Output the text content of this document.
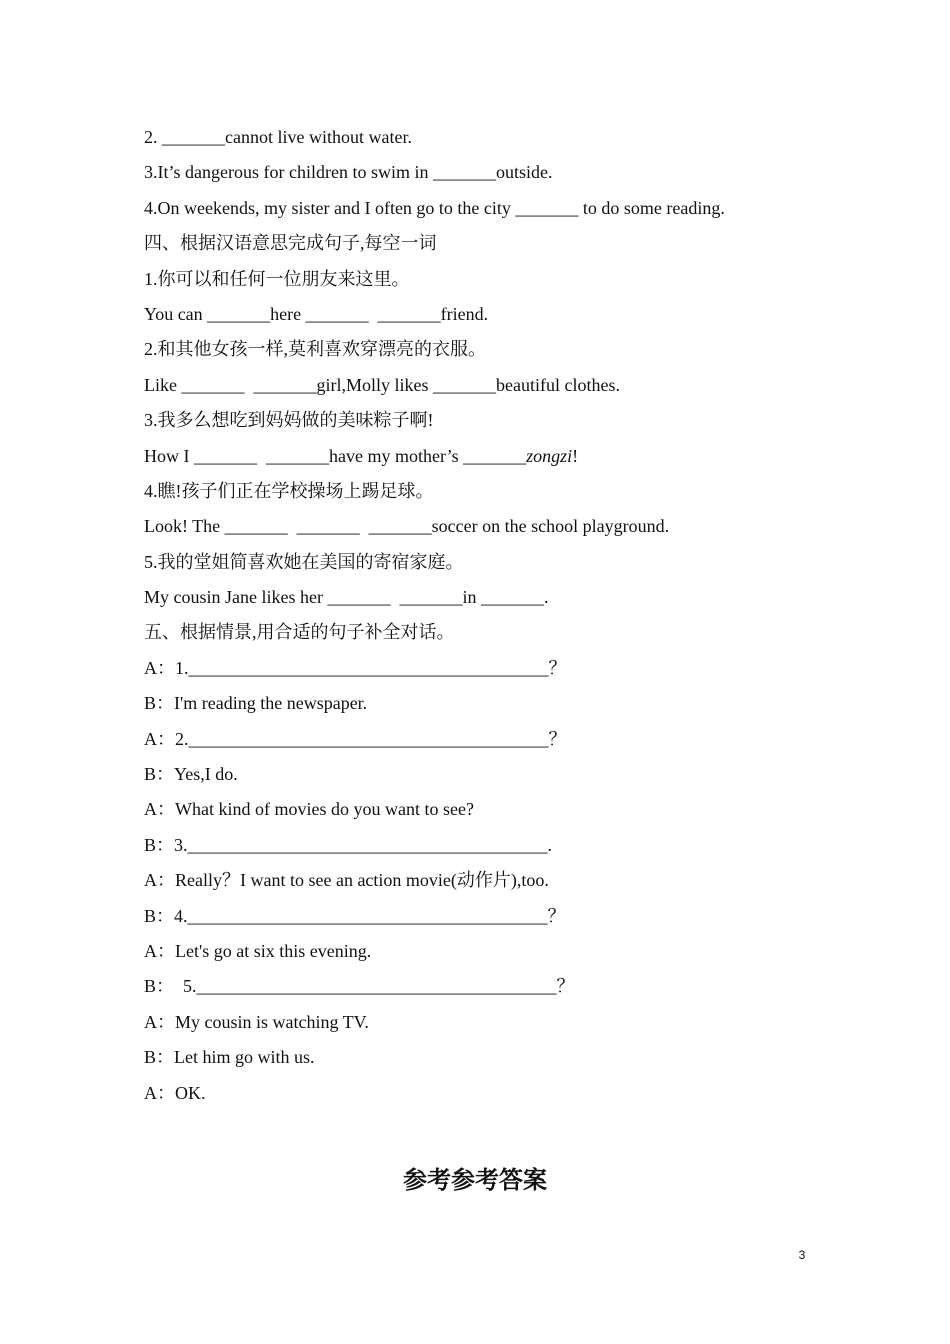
2. _______cannot live without water.
3.It’s dangerous for children to swim in _______outside.
4.On weekends, my sister and I often go to the city _______ to do some reading.
四、根据汉语意思完成句子,每空一词
1.你可以和任何一位朋友来这里。
You can _______here _______  _______friend.
2.和其他女孩一样,莫利喜欢穿漂亮的衣服。
Like _______  _______girl,Molly likes _______beautiful clothes.
3.我多么想吃到妈妈做的美味粽子啊!
How I _______  _______have my mother’s _______zongzi!
4.瞧!孩子们正在学校操场上踢足球。
Look! The _______  _______  _______soccer on the school playground.
5.我的堂姐简喜欢她在美国的寄宿家庭。
My cousin Jane likes her _______  _______in _______.
五、根据情景,用合适的句子补全对话。
A：1.________________________________________？
B：I'm reading the newspaper.
A：2.________________________________________？
B：Yes,I do.
A：What kind of movies do you want to see?
B：3.________________________________________.
A：Really？I want to see an action movie(动作片),too.
B：4.________________________________________？
A：Let's go at six this evening.
B：  5.________________________________________？
A：My cousin is watching TV.
B：Let him go with us.
A：OK.
参考参考答案
3
